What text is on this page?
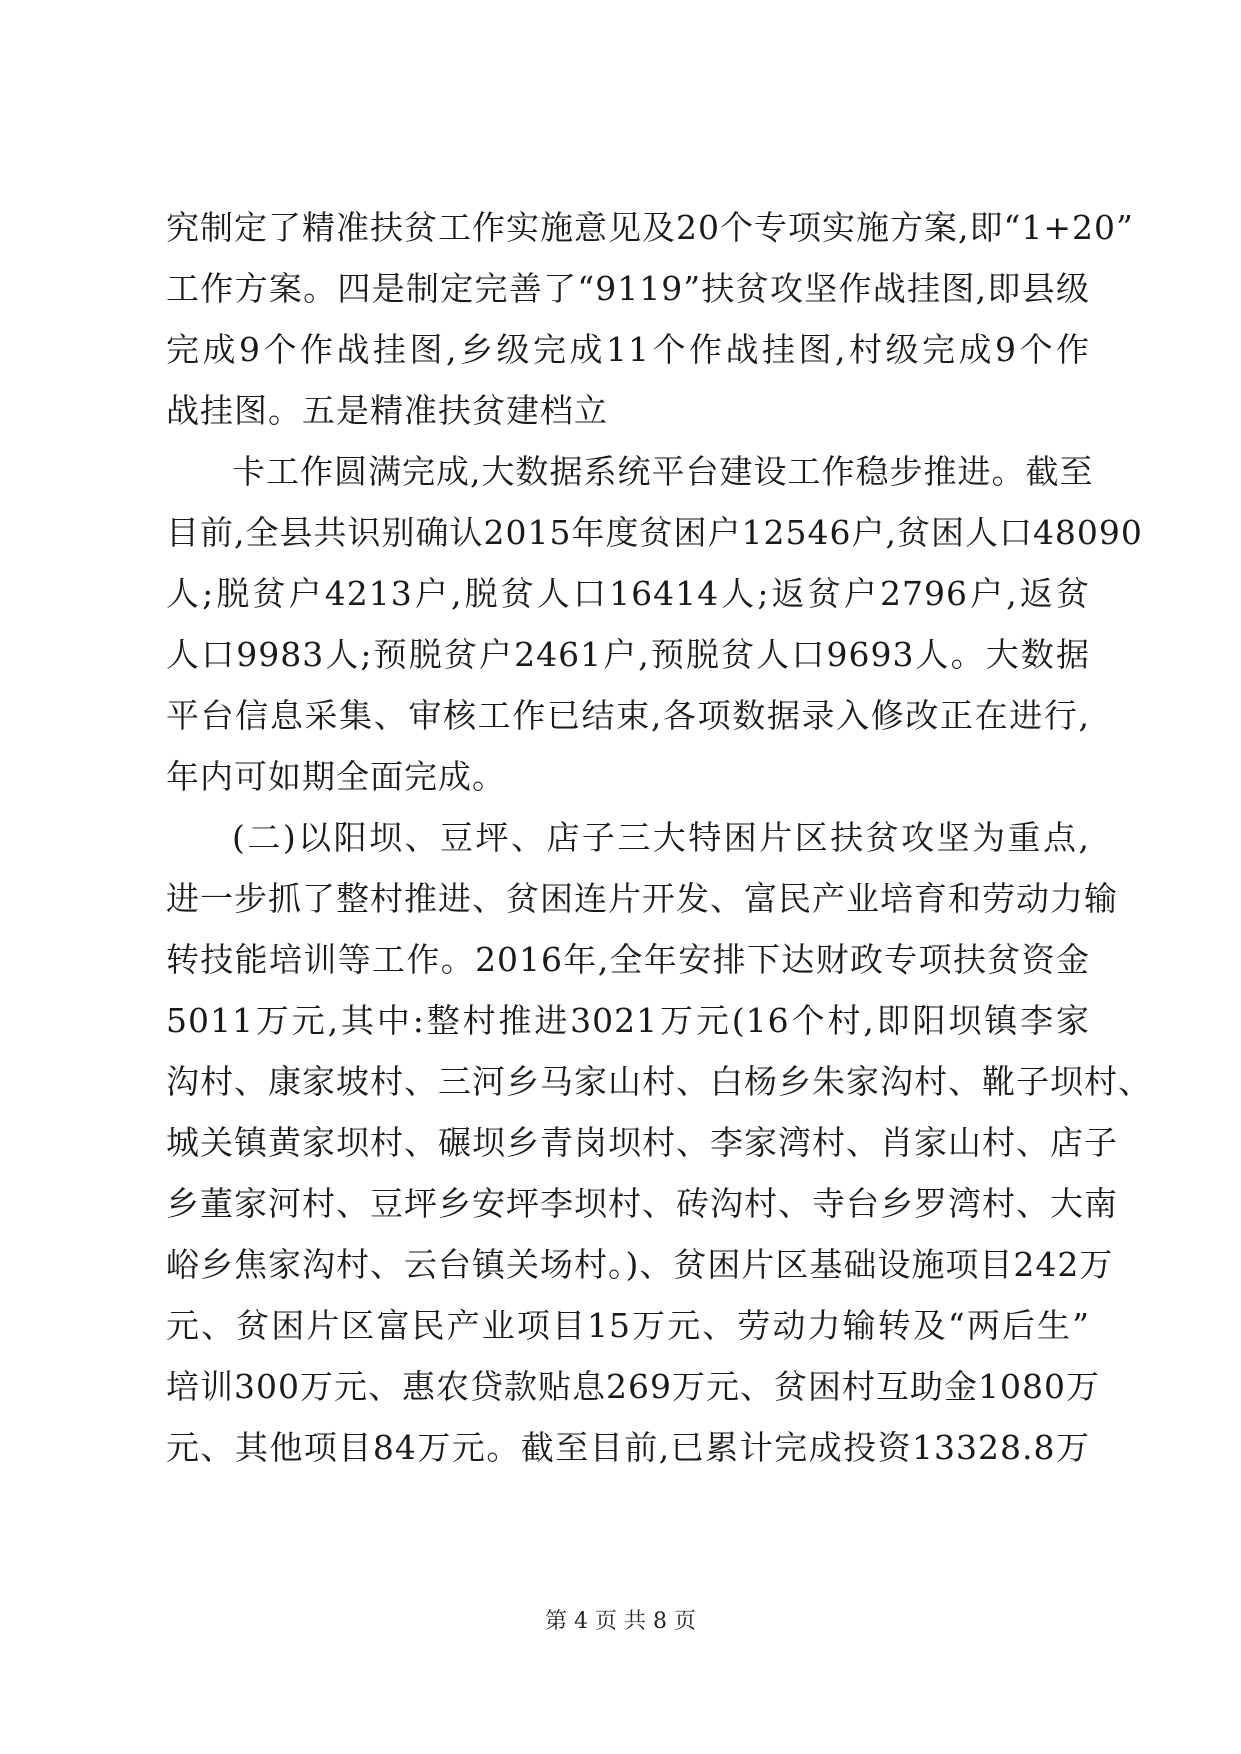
究制定了精准扶贫工作实施意见及20个专项实施方案,即“1+20”
工作方案。四是制定完善了“9119”扶贫攻坚作战挂图,即县级
完成9个作战挂图,乡级完成11个作战挂图,村级完成9个作
战挂图。五是精准扶贫建档立
卡工作圆满完成,大数据系统平台建设工作稳步推进。截至
目前,全县共识别确认2015年度贫困户12546户,贫困人口48090
人;脱贫户4213户,脱贫人口16414人;返贫户2796户,返贫
人口9983人;预脱贫户2461户,预脱贫人口9693人。大数据
平台信息采集、审核工作已结束,各项数据录入修改正在进行,
年内可如期全面完成。
(二)以阳坝、豆坪、店子三大特困片区扶贫攻坚为重点,
进一步抓了整村推进、贫困连片开发、富民产业培育和劳动力输
转技能培训等工作。2016年,全年安排下达财政专项扶贫资金
5011万元,其中:整村推进3021万元(16个村,即阳坝镇李家
沟村、康家坡村、三河乡马家山村、白杨乡朱家沟村、靴子坝村、
城关镇黄家坝村、碾坝乡青岗坝村、李家湾村、肖家山村、店子
乡董家河村、豆坪乡安坪李坝村、砖沟村、寺台乡罗湾村、大南
峪乡焦家沟村、云台镇关场村。)、贫困片区基础设施项目242万
元、贫困片区富民产业项目15万元、劳动力输转及“两后生”
培训300万元、惠农贷款贴息269万元、贫困村互助金1080万
元、其他项目84万元。截至目前,已累计完成投资13328.8万
第 4 页 共 8 页
